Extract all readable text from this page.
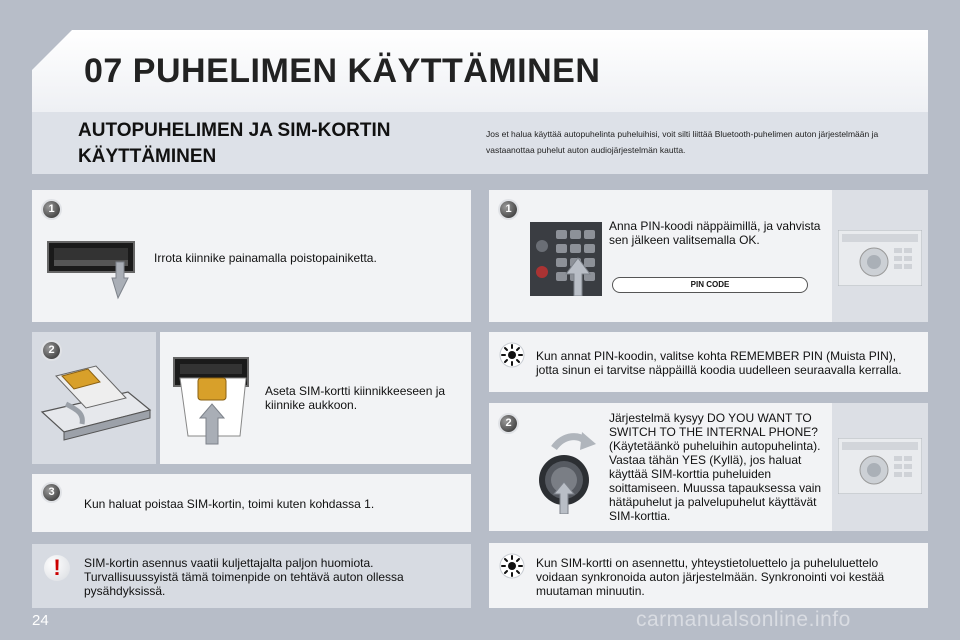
07 PUHELIMEN KÄYTTÄMINEN
AUTOPUHELIMEN JA SIM-KORTIN KÄYTTÄMINEN
Jos et halua käyttää autopuhelinta puheluihisi, voit silti liittää Bluetooth-puhelimen auton järjestelmään ja vastaanottaa puhelut auton audiojärjestelmän kautta.
1
Irrota kiinnike painamalla poistopainiketta.
2
Aseta SIM-kortti kiinnikkeeseen ja kiinnike aukkoon.
3
Kun haluat poistaa SIM-kortin, toimi kuten kohdassa 1.
!	SIM-kortin asennus vaatii kuljettajalta paljon huomiota. Turvallisuussyistä tämä toimenpide on tehtävä auton ollessa pysähdyksissä.
1
Anna PIN-koodi näppäimillä, ja vahvista sen jälkeen valitsemalla OK.
PIN CODE
Kun annat PIN-koodin, valitse kohta REMEMBER PIN (Muista PIN), jotta sinun ei tarvitse näppäillä koodia uudelleen seuraavalla kerralla.
2	Järjestelmä kysyy DO YOU WANT TO SWITCH TO THE INTERNAL PHONE? (Käytetäänkö puheluihin autopuhelinta). Vastaa tähän YES (Kyllä), jos haluat käyttää SIM-korttia puheluiden soittamiseen. Muussa tapauksessa vain hätäpuhelut ja palvelupuhelut käyttävät SIM-korttia.
Kun SIM-kortti on asennettu, yhteystietoluettelo ja puheluluettelo voidaan synkronoida auton järjestelmään. Synkronointi voi kestää muutaman minuutin.
24	carmanualsonline.info
